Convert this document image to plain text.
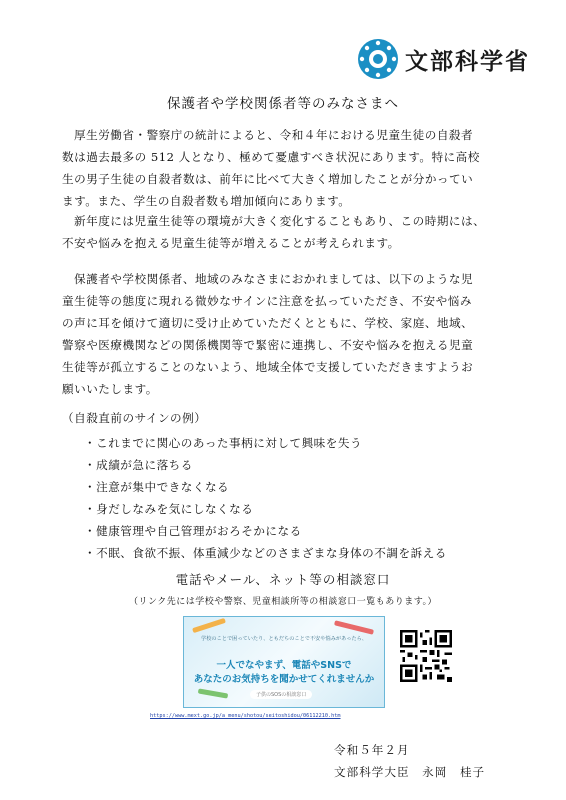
文部科学省
保護者や学校関係者等のみなさまへ

厚生労働省・警察庁の統計によると、令和４年における児童生徒の自殺者
数は過去最多の 512 人となり、極めて憂慮すべき状況にあります。特に高校
生の男子生徒の自殺者数は、前年に比べて大きく増加したことが分かってい
ます。また、学生の自殺者数も増加傾向にあります。

新年度には児童生徒等の環境が大きく変化することもあり、この時期には、
不安や悩みを抱える児童生徒等が増えることが考えられます。

保護者や学校関係者、地域のみなさまにおかれましては、以下のような児
童生徒等の態度に現れる微妙なサインに注意を払っていただき、不安や悩み
の声に耳を傾けて適切に受け止めていただくとともに、学校、家庭、地域、
警察や医療機関などの関係機関等で緊密に連携し、不安や悩みを抱える児童
生徒等が孤立することのないよう、地域全体で支援していただきますようお
願いいたします。

（自殺直前のサインの例）
・これまでに関心のあった事柄に対して興味を失う
・成績が急に落ちる
・注意が集中できなくなる
・身だしなみを気にしなくなる
・健康管理や自己管理がおろそかになる
・不眠、食欲不振、体重減少などのさまざまな身体の不調を訴える
電話やメール、ネット等の相談窓口
（リンク先には学校や警察、児童相談所等の相談窓口一覧もあります。）
学校のことで困っていたり、ともだちのことで不安や悩みがあったら、
一人でなやまず、電話やSNSで
あなたのお気持ちを聞かせてくれませんか
子供のSOSの相談窓口
https://www.mext.go.jp/a_menu/shotou/seitoshidou/06112210.htm
令和５年２月
文部科学大臣　永岡　桂子
